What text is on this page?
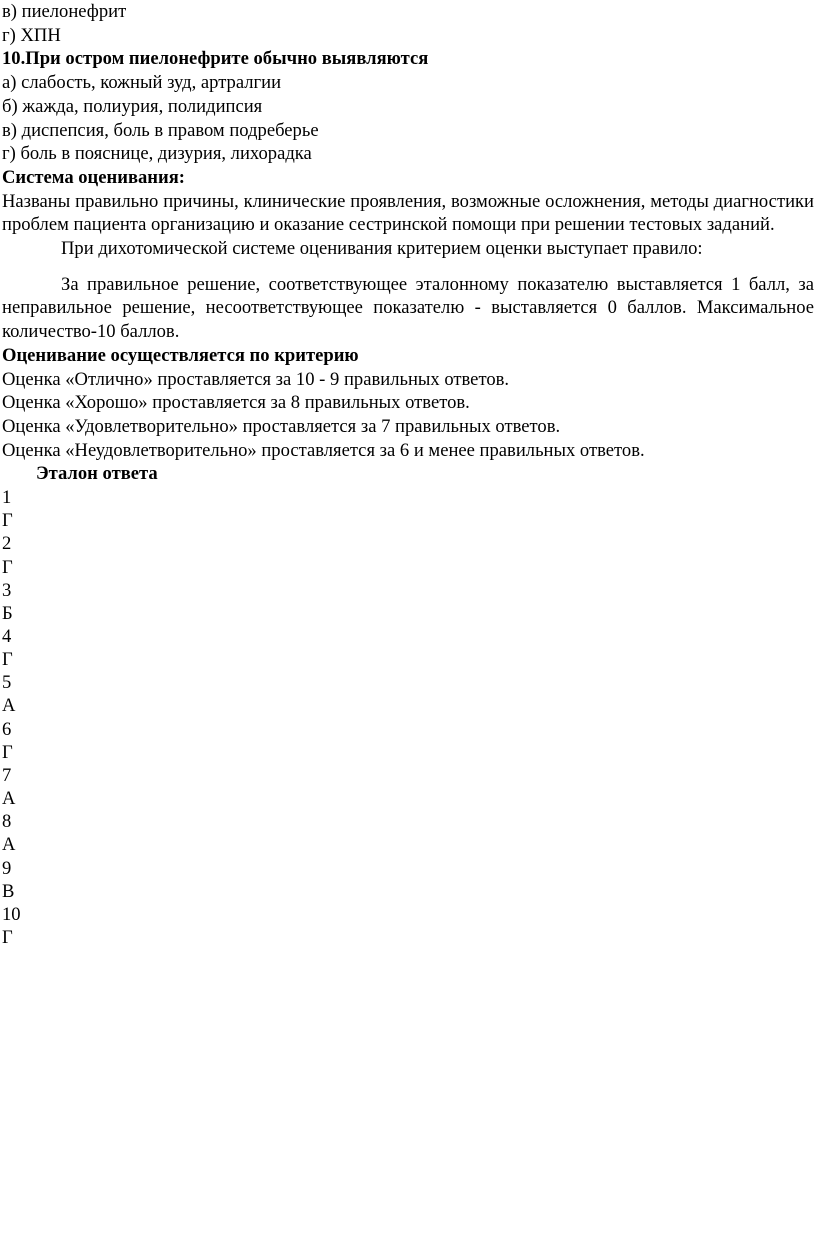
в) пиелонефрит
г) ХПН
10.При остром пиелонефрите обычно выявляются
а) слабость, кожный зуд, артралгии
б) жажда, полиурия, полидипсия
в) диспепсия, боль в правом подреберье
г) боль в пояснице, дизурия, лихорадка
Система оценивания:
Названы правильно причины, клинические проявления, возможные осложнения, методы диагностики проблем пациента организацию и оказание сестринской помощи при решении тестовых заданий.
При дихотомической системе оценивания критерием оценки выступает правило:
За правильное решение, соответствующее эталонному показателю выставляется 1 балл, за неправильное решение, несоответствующее показателю - выставляется 0 баллов. Максимальное количество-10 баллов.
Оценивание осуществляется по критерию
Оценка «Отлично» проставляется за 10 - 9 правильных ответов.
Оценка «Хорошо» проставляется за 8 правильных ответов.
Оценка «Удовлетворительно» проставляется за 7 правильных ответов.
Оценка «Неудовлетворительно» проставляется за 6 и менее правильных ответов.
Эталон ответа
1
Г
2
Г
3
Б
4
Г
5
А
6
Г
7
А
8
А
9
В
10
Г
